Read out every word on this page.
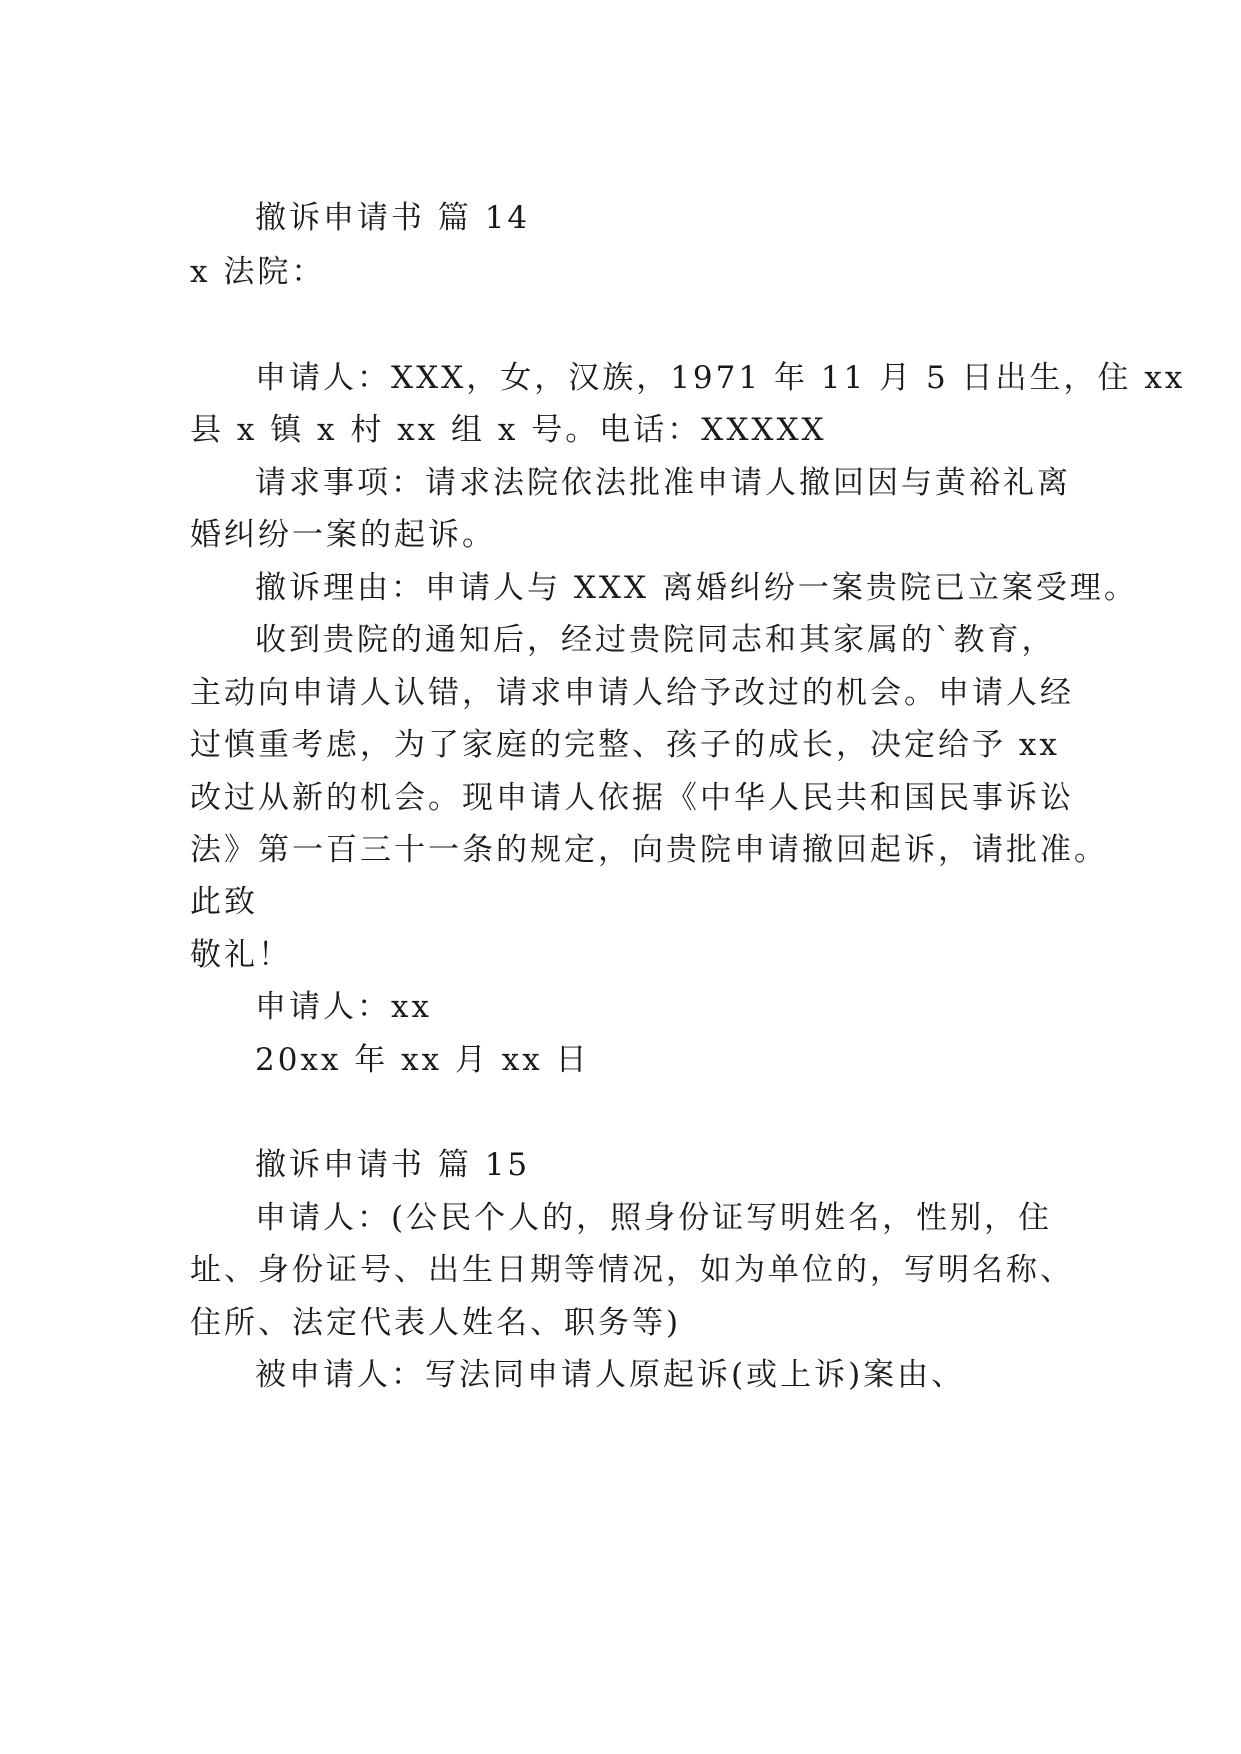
撤诉申请书 篇 14
x 法院：
申请人：XXX，女，汉族，1971 年 11 月 5 日出生，住 xx
县 x 镇 x 村 xx 组 x 号。电话：XXXXX
请求事项：请求法院依法批准申请人撤回因与黄裕礼离
婚纠纷一案的起诉。
撤诉理由：申请人与 XXX 离婚纠纷一案贵院已立案受理。
收到贵院的通知后，经过贵院同志和其家属的`教育，
主动向申请人认错，请求申请人给予改过的机会。申请人经
过慎重考虑，为了家庭的完整、孩子的成长，决定给予 xx
改过从新的机会。现申请人依据《中华人民共和国民事诉讼
法》第一百三十一条的规定，向贵院申请撤回起诉，请批准。
此致
敬礼！
申请人：xx
20xx 年 xx 月 xx 日
撤诉申请书 篇 15
申请人：(公民个人的，照身份证写明姓名，性别，住
址、身份证号、出生日期等情况，如为单位的，写明名称、
住所、法定代表人姓名、职务等)
被申请人：写法同申请人原起诉(或上诉)案由、
